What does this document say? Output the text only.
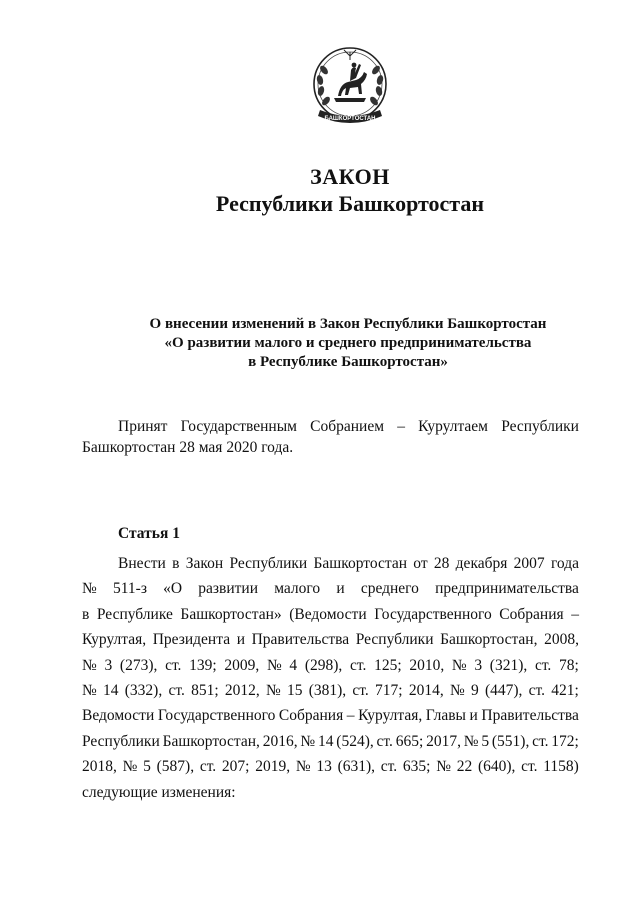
БАШКОРТОСТАН
ЗАКОН
Республики Башкортостан
О внесении изменений в Закон Республики Башкортостан
«О развитии малого и среднего предпринимательства
в Республике Башкортостан»
Принят Государственным Собранием – Курултаем Республики
Башкортостан 28 мая 2020 года.
Статья 1
Внести в Закон Республики Башкортостан от 28 декабря 2007 года
№ 511-з «О развитии малого и среднего предпринимательства
в Республике Башкортостан» (Ведомости Государственного Собрания –
Курултая, Президента и Правительства Республики Башкортостан, 2008,
№ 3 (273), ст. 139; 2009, № 4 (298), ст. 125; 2010, № 3 (321), ст. 78;
№ 14 (332), ст. 851; 2012, № 15 (381), ст. 717; 2014, № 9 (447), ст. 421;
Ведомости Государственного Собрания – Курултая, Главы и Правительства
Республики Башкортостан, 2016, № 14 (524), ст. 665; 2017, № 5 (551), ст. 172;
2018, № 5 (587), ст. 207; 2019, № 13 (631), ст. 635; № 22 (640), ст. 1158)
следующие изменения:
